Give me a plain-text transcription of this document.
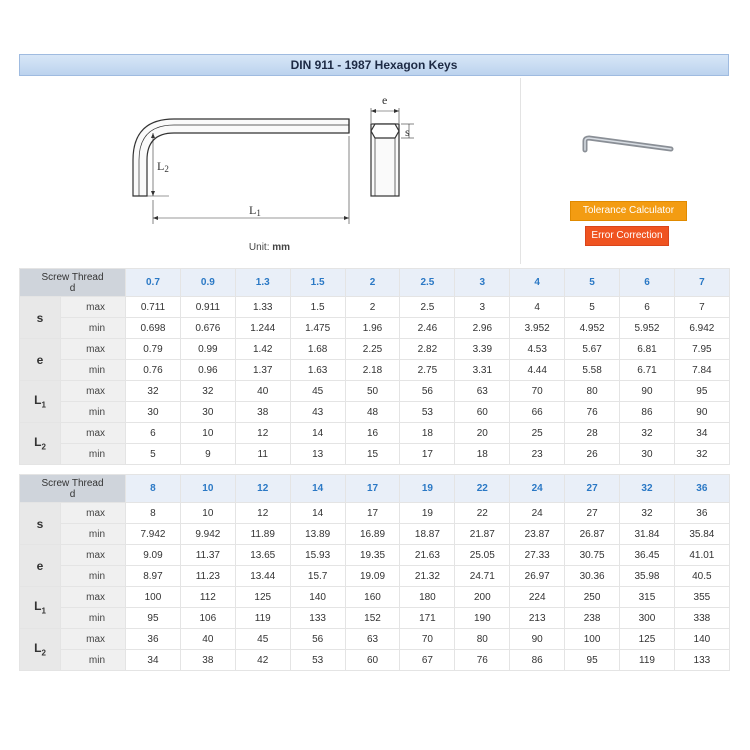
DIN 911 - 1987 Hexagon Keys
e
s
L2
L1
Unit: mm
Tolerance Calculator
Error Correction
Screw Thread
d		0.7	0.9	1.3	1.5	2	2.5	3	4	5	6	7
s	max	0.711	0.911	1.33	1.5	2	2.5	3	4	5	6	7
	min	0.698	0.676	1.244	1.475	1.96	2.46	2.96	3.952	4.952	5.952	6.942
e	max	0.79	0.99	1.42	1.68	2.25	2.82	3.39	4.53	5.67	6.81	7.95
	min	0.76	0.96	1.37	1.63	2.18	2.75	3.31	4.44	5.58	6.71	7.84
$L_1$	max	32	32	40	45	50	56	63	70	80	90	95
	min	30	30	38	43	48	53	60	66	76	86	90
$L_2$	max	6	10	12	14	16	18	20	25	28	32	34
	min	5	9	11	13	15	17	18	23	26	30	32
Screw Thread
d		8	10	12	14	17	19	22	24	27	32	36
s	max	8	10	12	14	17	19	22	24	27	32	36
	min	7.942	9.942	11.89	13.89	16.89	18.87	21.87	23.87	26.87	31.84	35.84
e	max	9.09	11.37	13.65	15.93	19.35	21.63	25.05	27.33	30.75	36.45	41.01
	min	8.97	11.23	13.44	15.7	19.09	21.32	24.71	26.97	30.36	35.98	40.5
$L_1$	max	100	112	125	140	160	180	200	224	250	315	355
	min	95	106	119	133	152	171	190	213	238	300	338
$L_2$	max	36	40	45	56	63	70	80	90	100	125	140
	min	34	38	42	53	60	67	76	86	95	119	133
